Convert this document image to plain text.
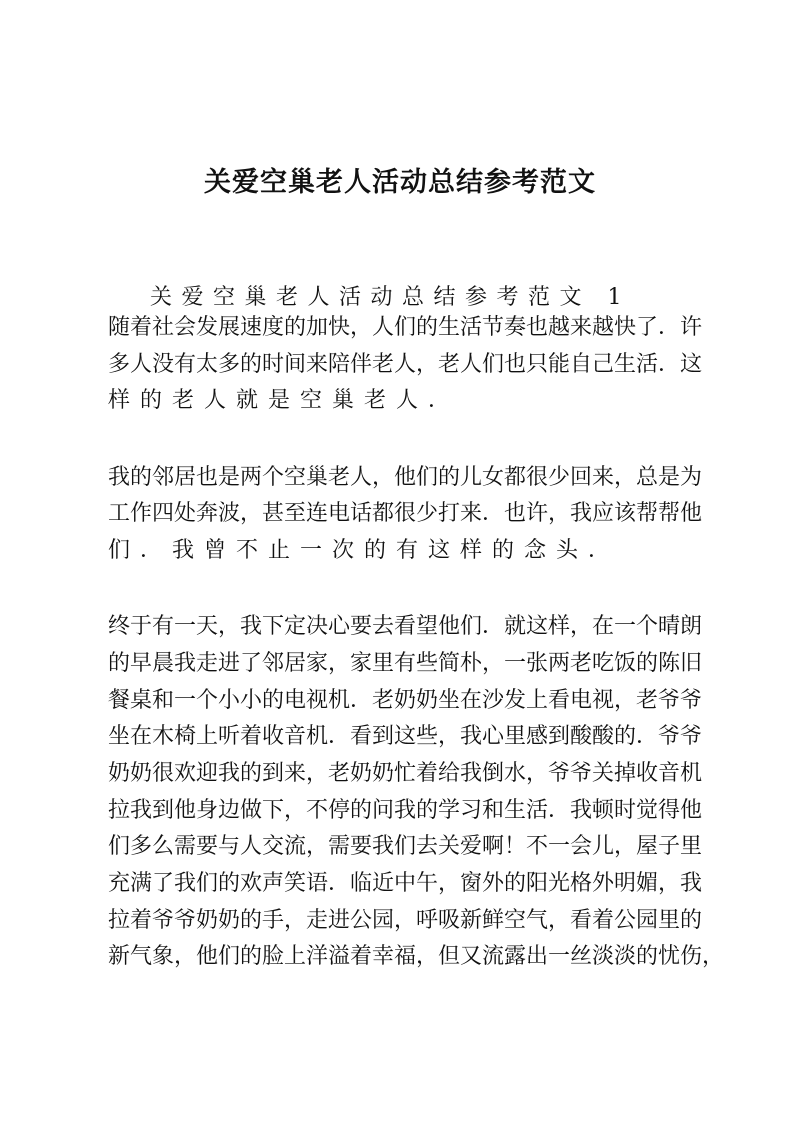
关爱空巢老人活动总结参考范文
关爱空巢老人活动总结参考范文 1
随着社会发展速度的加快，人们的生活节奏也越来越快了．许
多人没有太多的时间来陪伴老人，老人们也只能自己生活．这
样的老人就是空巢老人．
我的邻居也是两个空巢老人，他们的儿女都很少回来，总是为
工作四处奔波，甚至连电话都很少打来．也许，我应该帮帮他
们．我曾不止一次的有这样的念头．
终于有一天，我下定决心要去看望他们．就这样，在一个晴朗
的早晨我走进了邻居家，家里有些简朴，一张两老吃饭的陈旧
餐桌和一个小小的电视机．老奶奶坐在沙发上看电视，老爷爷
坐在木椅上听着收音机．看到这些，我心里感到酸酸的．爷爷
奶奶很欢迎我的到来，老奶奶忙着给我倒水，爷爷关掉收音机
拉我到他身边做下，不停的问我的学习和生活．我顿时觉得他
们多么需要与人交流，需要我们去关爱啊！不一会儿，屋子里
充满了我们的欢声笑语．临近中午，窗外的阳光格外明媚，我
拉着爷爷奶奶的手，走进公园，呼吸新鲜空气，看着公园里的
新气象，他们的脸上洋溢着幸福，但又流露出一丝淡淡的忧伤，
